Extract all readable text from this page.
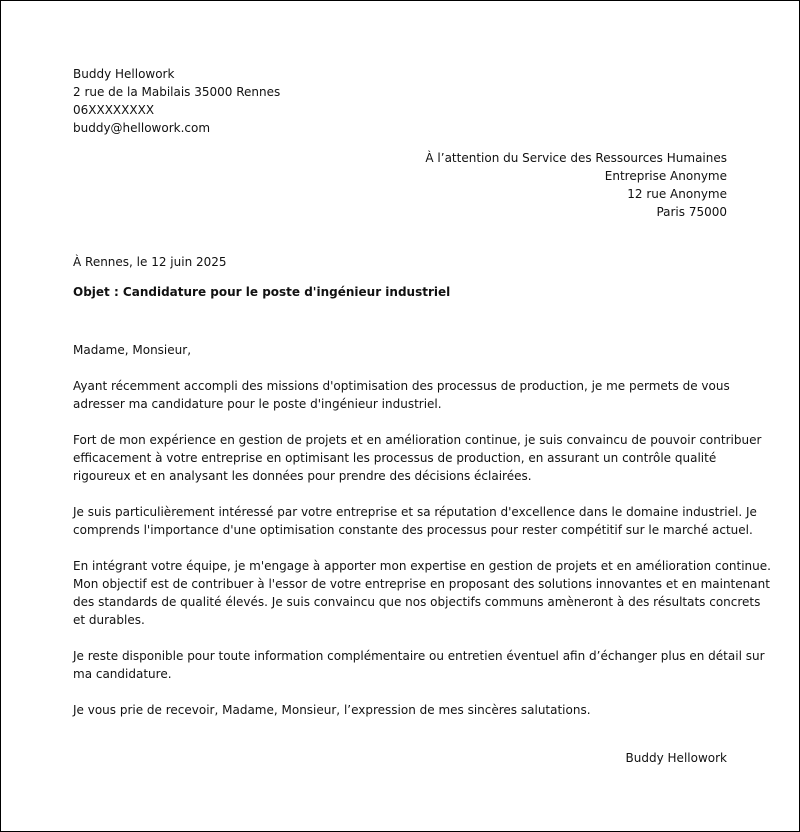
Buddy Hellowork
2 rue de la Mabilais 35000 Rennes
06XXXXXXXX
buddy@hellowork.com
À l’attention du Service des Ressources Humaines
Entreprise Anonyme
12 rue Anonyme
Paris 75000
À Rennes, le 12 juin 2025
Objet : Candidature pour le poste d'ingénieur industriel

Madame, Monsieur,

Ayant récemment accompli des missions d'optimisation des processus de production, je me permets de vous
adresser ma candidature pour le poste d'ingénieur industriel.

Fort de mon expérience en gestion de projets et en amélioration continue, je suis convaincu de pouvoir contribuer
efficacement à votre entreprise en optimisant les processus de production, en assurant un contrôle qualité
rigoureux et en analysant les données pour prendre des décisions éclairées.

Je suis particulièrement intéressé par votre entreprise et sa réputation d'excellence dans le domaine industriel. Je
comprends l'importance d'une optimisation constante des processus pour rester compétitif sur le marché actuel.

En intégrant votre équipe, je m'engage à apporter mon expertise en gestion de projets et en amélioration continue.
Mon objectif est de contribuer à l'essor de votre entreprise en proposant des solutions innovantes et en maintenant
des standards de qualité élevés. Je suis convaincu que nos objectifs communs amèneront à des résultats concrets
et durables.

Je reste disponible pour toute information complémentaire ou entretien éventuel afin d’échanger plus en détail sur
ma candidature.

Je vous prie de recevoir, Madame, Monsieur, l’expression de mes sincères salutations.

Buddy Hellowork
